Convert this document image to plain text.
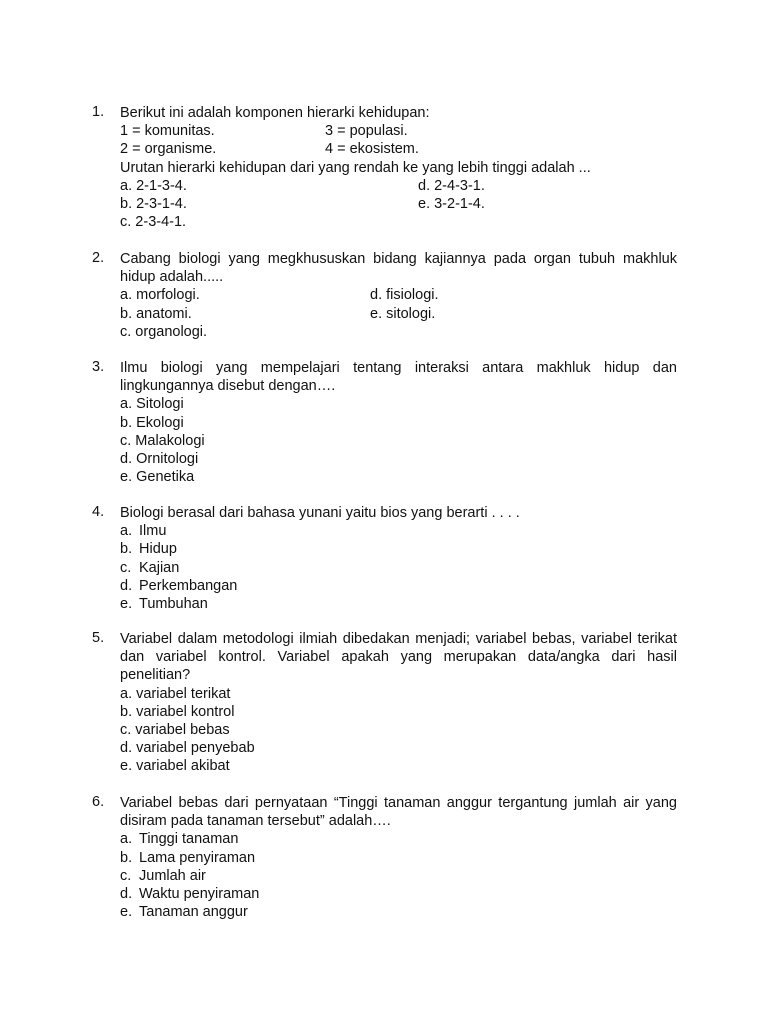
1.	Berikut ini adalah komponen hierarki kehidupan:
1 = komunitas.	3 = populasi.
2 = organisme.	4 = ekosistem.
Urutan hierarki kehidupan dari yang rendah ke yang lebih tinggi adalah ...
a. 2-1-3-4.	d. 2-4-3-1.
b. 2-3-1-4.	e. 3-2-1-4.
c. 2-3-4-1.
2.	Cabang biologi yang megkhususkan bidang kajiannya pada organ tubuh makhluk hidup adalah.....
a. morfologi.	d. fisiologi.
b. anatomi.	e. sitologi.
c. organologi.
3.	Ilmu biologi yang mempelajari tentang interaksi antara makhluk hidup dan lingkungannya disebut dengan….
a. Sitologi
b. Ekologi
c. Malakologi
d. Ornitologi
e. Genetika
4.	Biologi berasal dari bahasa yunani yaitu bios yang berarti . . . .
a. Ilmu
b. Hidup
c. Kajian
d. Perkembangan
e. Tumbuhan
5.	Variabel dalam metodologi ilmiah dibedakan menjadi; variabel bebas, variabel terikat dan variabel kontrol. Variabel apakah yang merupakan data/angka dari hasil penelitian?
a. variabel terikat
b. variabel kontrol
c. variabel bebas
d. variabel penyebab
e. variabel akibat
6.	Variabel bebas dari pernyataan “Tinggi tanaman anggur tergantung jumlah air yang disiram pada tanaman tersebut” adalah….
a. Tinggi tanaman
b. Lama penyiraman
c. Jumlah air
d. Waktu penyiraman
e. Tanaman anggur
